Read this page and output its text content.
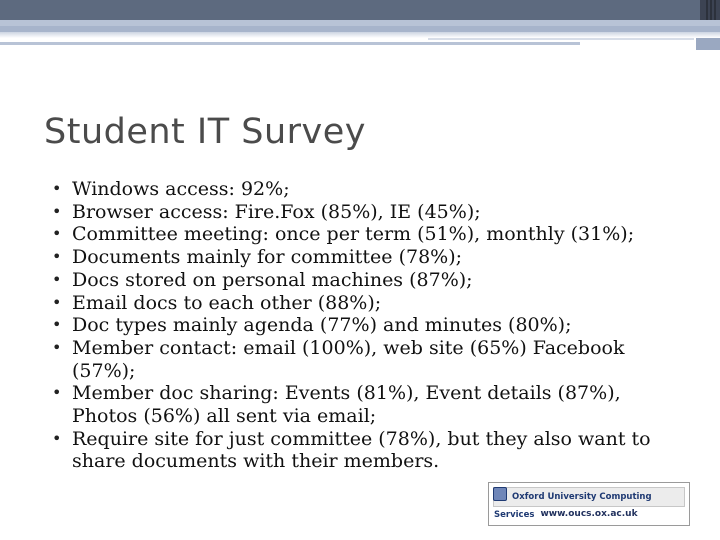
Student IT Survey
• Windows access: 92%;
• Browser access: Fire.Fox (85%), IE (45%);
• Committee meeting: once per term (51%), monthly (31%);
• Documents mainly for committee (78%);
• Docs stored on personal machines (87%);
• Email docs to each other (88%);
• Doc types mainly agenda (77%) and minutes (80%);
• Member contact: email (100%), web site (65%) Facebook (57%);
• Member doc sharing: Events (81%), Event details (87%), Photos (56%) all sent via email;
• Require site for just committee (78%), but they also want to share documents with their members.
Oxford University Computing Services www.oucs.ox.ac.uk
